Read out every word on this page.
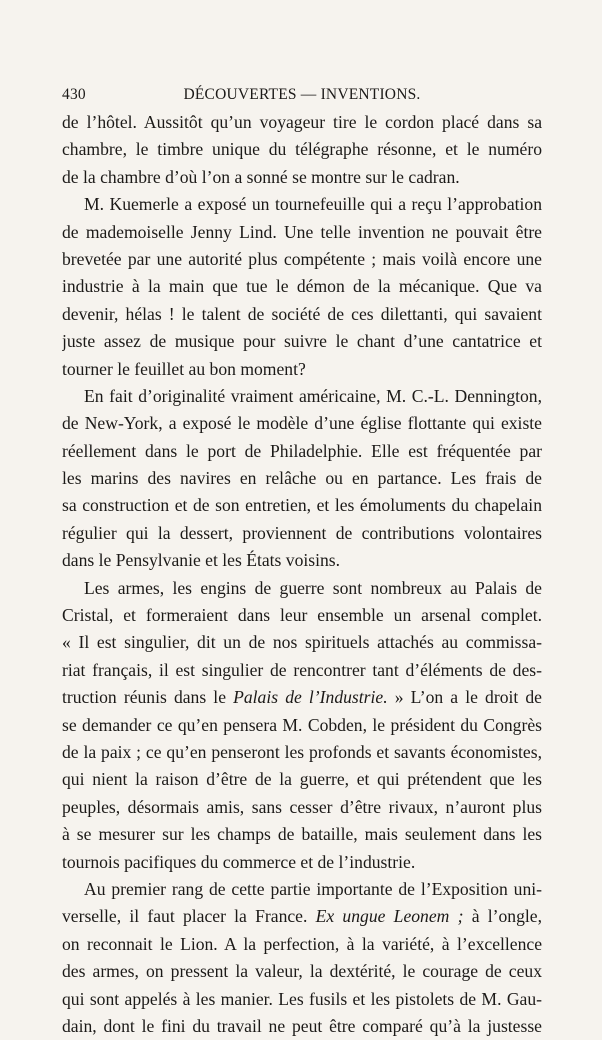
430	DÉCOUVERTES — INVENTIONS.
de l’hôtel. Aussitôt qu’un voyageur tire le cordon placé dans sa
chambre, le timbre unique du télégraphe résonne, et le numéro
de la chambre d’où l’on a sonné se montre sur le cadran.
M. Kuemerle a exposé un tournefeuille qui a reçu l’approbation
de mademoiselle Jenny Lind. Une telle invention ne pouvait être
brevetée par une autorité plus compétente ; mais voilà encore une
industrie à la main que tue le démon de la mécanique. Que va
devenir, hélas ! le talent de société de ces dilettanti, qui savaient
juste assez de musique pour suivre le chant d’une cantatrice et
tourner le feuillet au bon moment?
En fait d’originalité vraiment américaine, M. C.-L. Dennington,
de New-York, a exposé le modèle d’une église flottante qui existe
réellement dans le port de Philadelphie. Elle est fréquentée par
les marins des navires en relâche ou en partance. Les frais de
sa construction et de son entretien, et les émoluments du chapelain
régulier qui la dessert, proviennent de contributions volontaires
dans le Pensylvanie et les États voisins.
Les armes, les engins de guerre sont nombreux au Palais de
Cristal, et formeraient dans leur ensemble un arsenal complet.
« Il est singulier, dit un de nos spirituels attachés au commissa-
riat français, il est singulier de rencontrer tant d’éléments de des-
truction réunis dans le Palais de l’Industrie. » L’on a le droit de
se demander ce qu’en pensera M. Cobden, le président du Congrès
de la paix ; ce qu’en penseront les profonds et savants économistes,
qui nient la raison d’être de la guerre, et qui prétendent que les
peuples, désormais amis, sans cesser d’être rivaux, n’auront plus
à se mesurer sur les champs de bataille, mais seulement dans les
tournois pacifiques du commerce et de l’industrie.
Au premier rang de cette partie importante de l’Exposition uni-
verselle, il faut placer la France. Ex ungue Leonem ; à l’ongle,
on reconnait le Lion. A la perfection, à la variété, à l’excellence
des armes, on pressent la valeur, la dextérité, le courage de ceux
qui sont appelés à les manier. Les fusils et les pistolets de M. Gau-
dain, dont le fini du travail ne peut être comparé qu’à la justesse
